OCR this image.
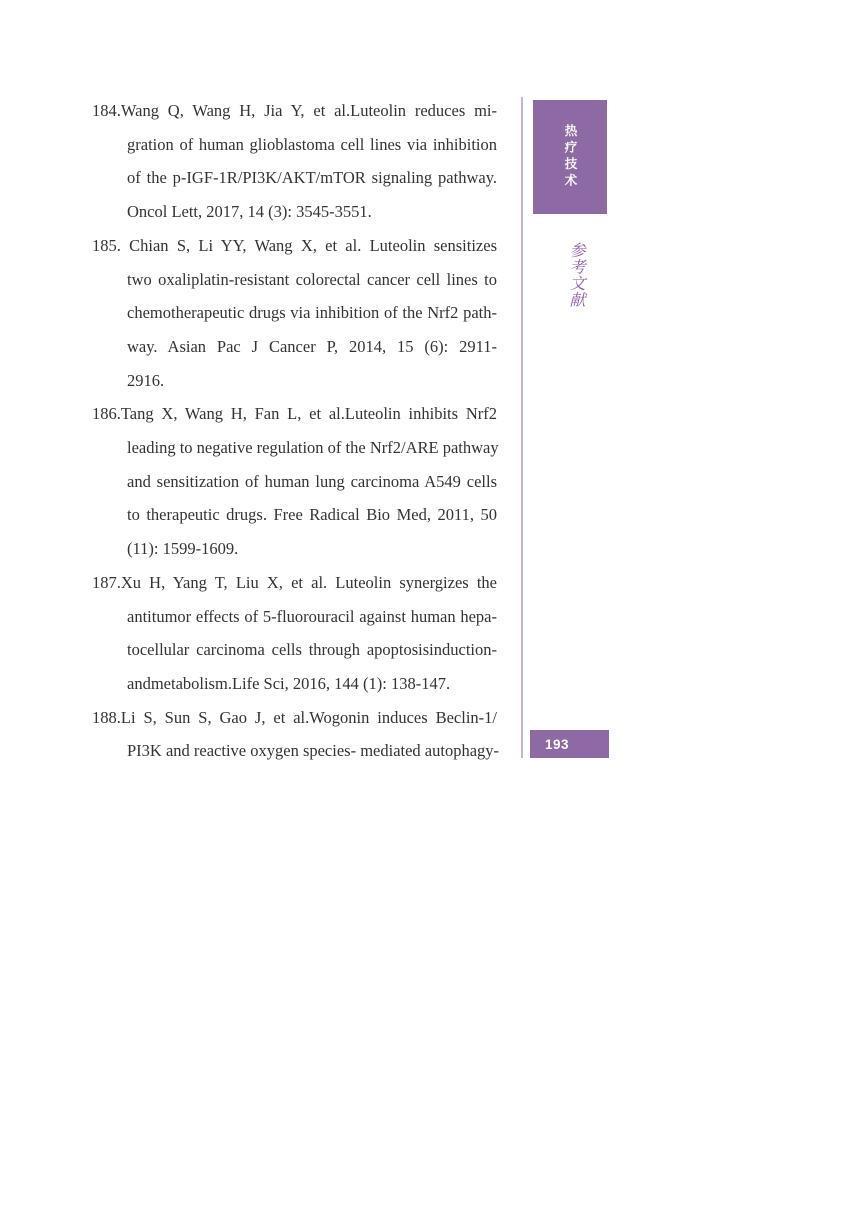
184.Wang Q, Wang H, Jia Y, et al.Luteolin reduces mi-
gration of human glioblastoma cell lines via inhibition
of the p-IGF-1R/PI3K/AKT/mTOR signaling pathway.
Oncol Lett, 2017, 14 (3): 3545-3551.
185. Chian S, Li YY, Wang X, et al. Luteolin sensitizes
two oxaliplatin-resistant colorectal cancer cell lines to
chemotherapeutic drugs via inhibition of the Nrf2 path-
way. Asian Pac J Cancer P, 2014, 15 (6): 2911-
2916.
186.Tang X, Wang H, Fan L, et al.Luteolin inhibits Nrf2
leading to negative regulation of the Nrf2/ARE pathway
and sensitization of human lung carcinoma A549 cells
to therapeutic drugs. Free Radical Bio Med, 2011, 50
(11): 1599-1609.
187.Xu H, Yang T, Liu X, et al. Luteolin synergizes the
antitumor effects of 5-fluorouracil against human hepa-
tocellular carcinoma cells through apoptosisinduction-
andmetabolism.Life Sci, 2016, 144 (1): 138-147.
188.Li S, Sun S, Gao J, et al.Wogonin induces Beclin-1/
PI3K and reactive oxygen species- mediated autophagy-
热疗技术
参考文献
193
